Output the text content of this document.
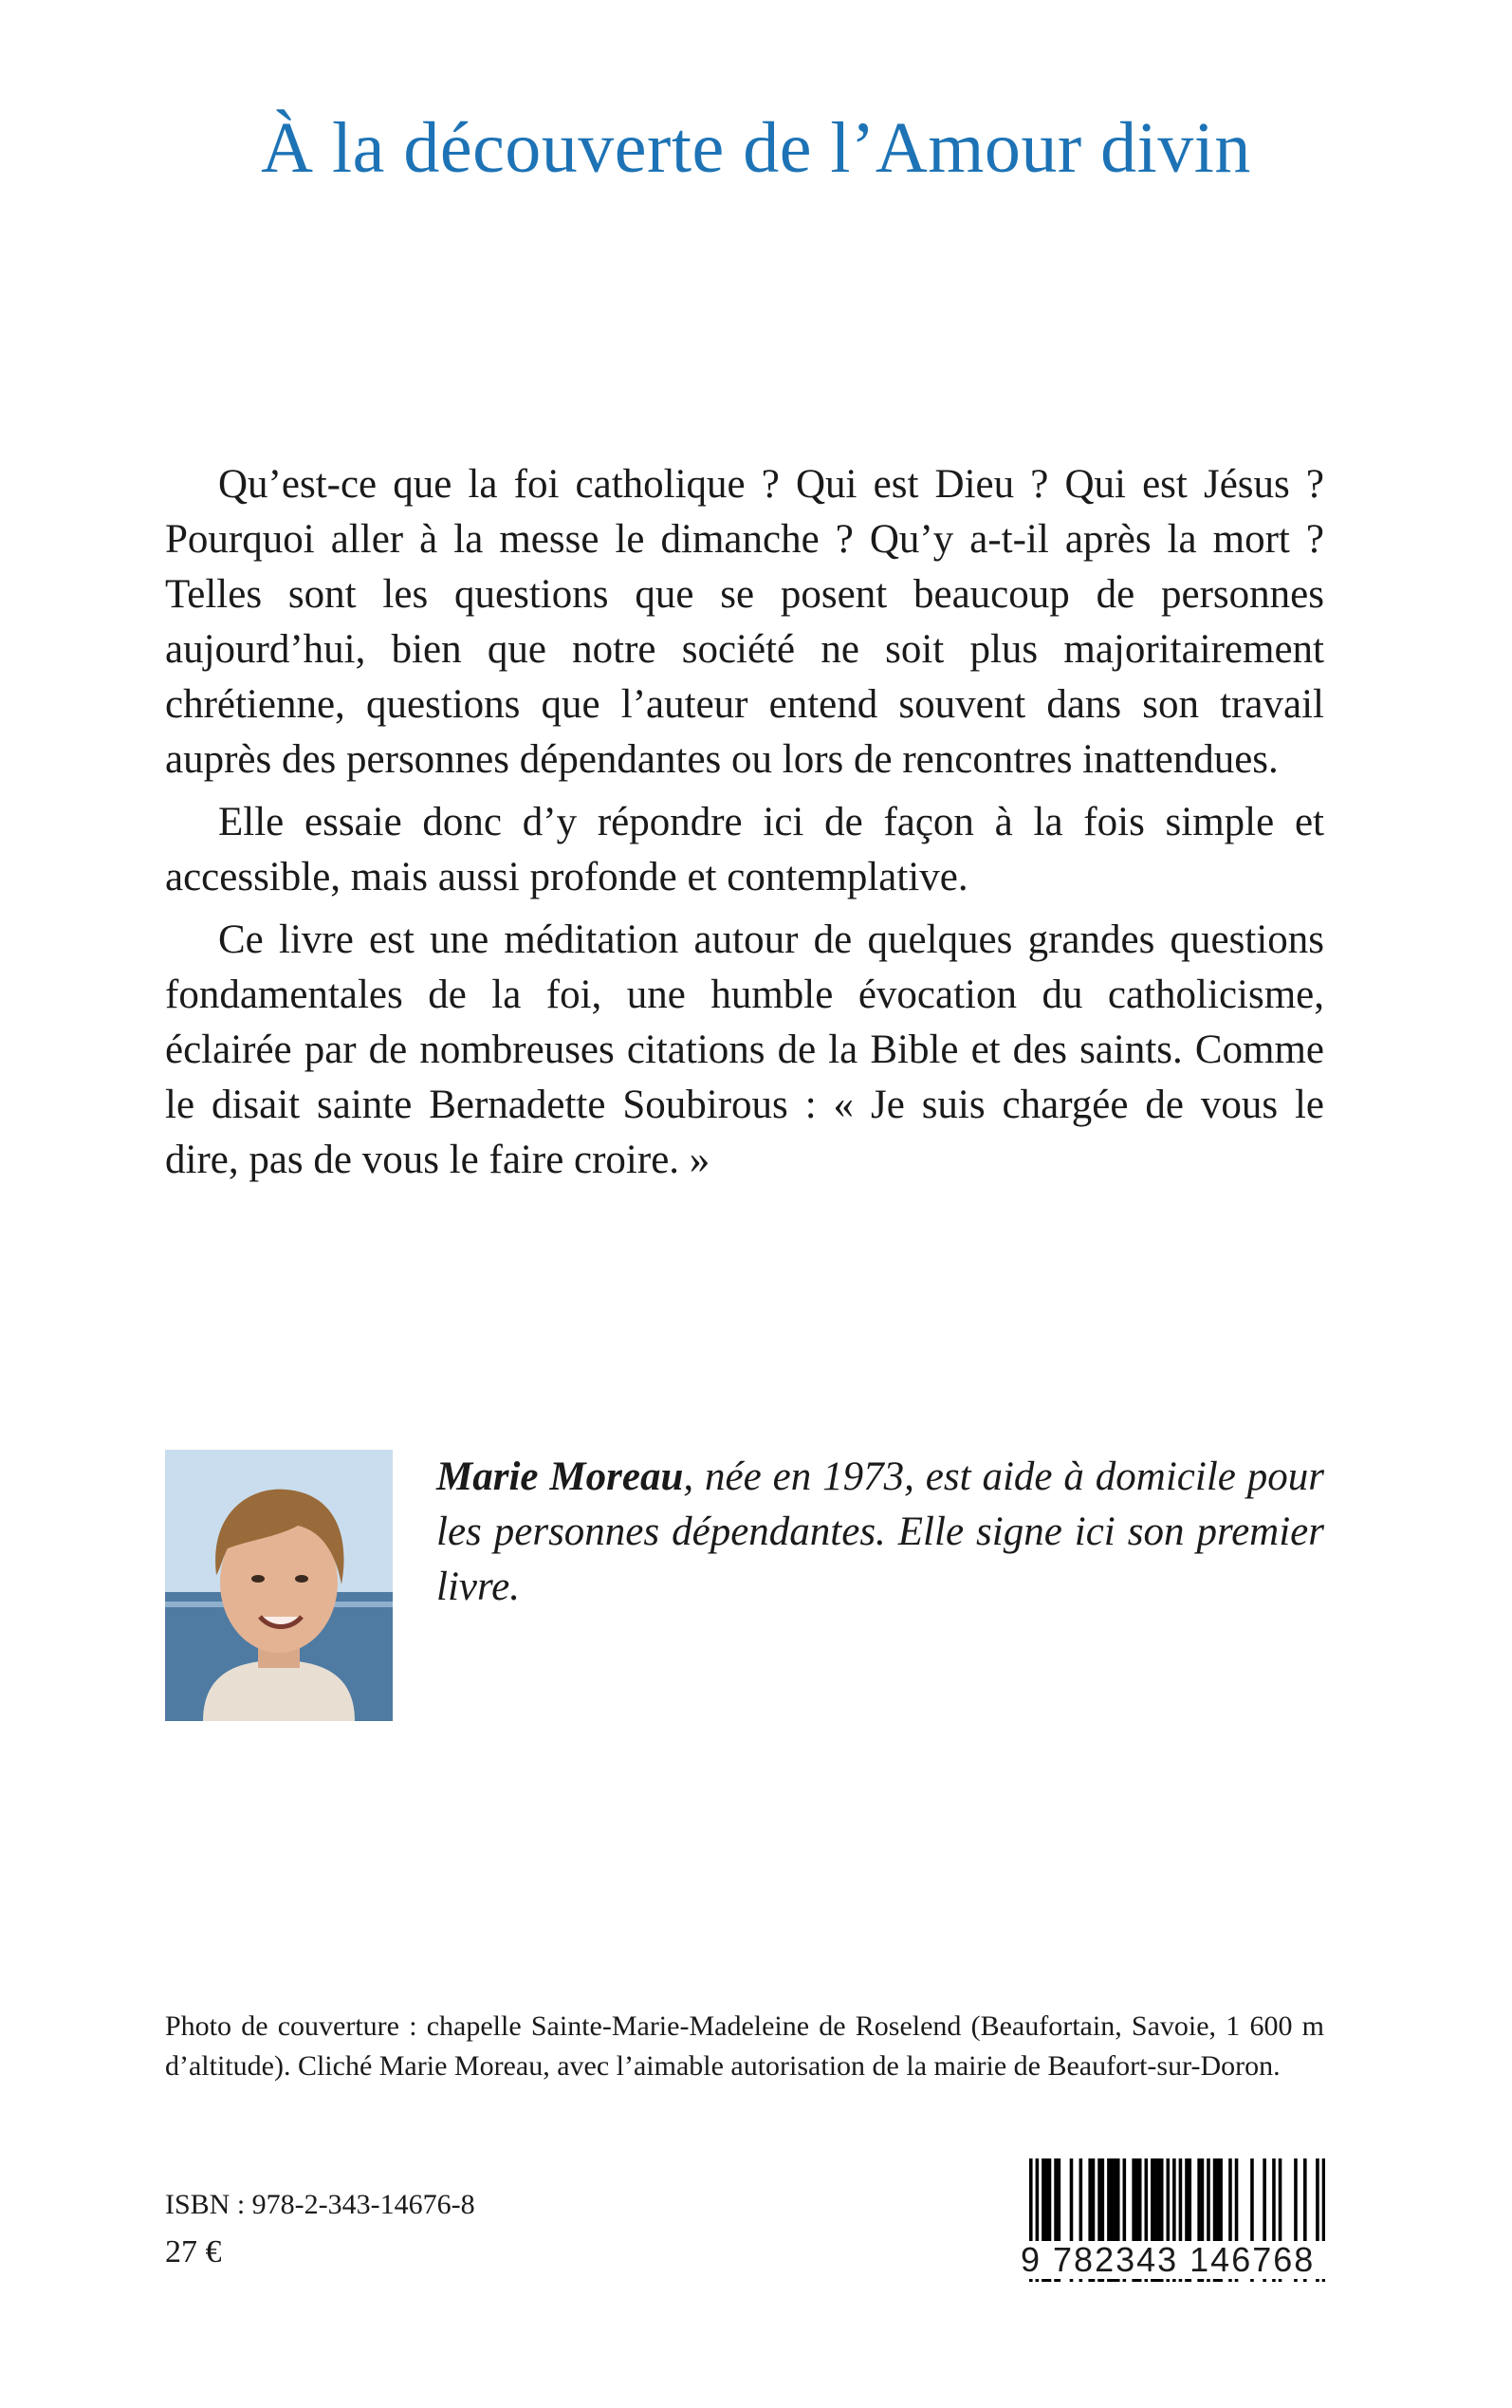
À la découverte de l’Amour divin

Qu’est-ce que la foi catholique ? Qui est Dieu ? Qui est Jésus ? Pourquoi aller à la messe le dimanche ? Qu’y a-t-il après la mort ? Telles sont les questions que se posent beaucoup de personnes aujourd’hui, bien que notre société ne soit plus majoritairement chrétienne, questions que l’auteur entend souvent dans son travail auprès des personnes dépendantes ou lors de rencontres inattendues.

Elle essaie donc d’y répondre ici de façon à la fois simple et accessible, mais aussi profonde et contemplative.

Ce livre est une méditation autour de quelques grandes questions fondamentales de la foi, une humble évocation du catholicisme, éclairée par de nombreuses citations de la Bible et des saints. Comme le disait sainte Bernadette Soubirous : « Je suis chargée de vous le dire, pas de vous le faire croire. »

Marie Moreau, née en 1973, est aide à domicile pour les personnes dépendantes. Elle signe ici son premier livre.

Photo de couverture : chapelle Sainte-Marie-Madeleine de Roselend (Beaufortain, Savoie, 1 600 m d’altitude). Cliché Marie Moreau, avec l’aimable autorisation de la mairie de Beaufort-sur-Doron.

ISBN : 978-2-343-14676-8

27 €	9 782343 146768
